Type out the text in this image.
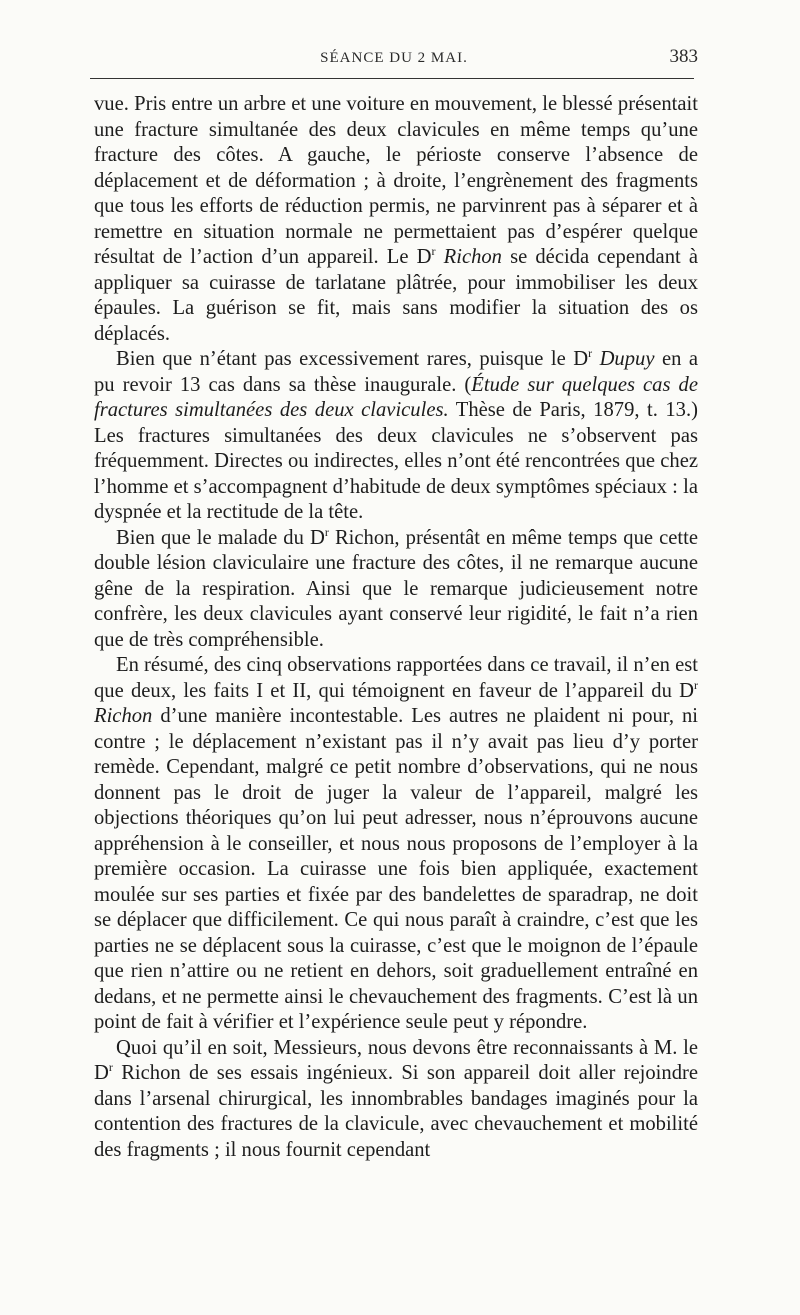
SÉANCE DU 2 MAI.	383

vue. Pris entre un arbre et une voiture en mouvement, le blessé présentait une fracture simultanée des deux clavicules en même temps qu’une fracture des côtes. A gauche, le périoste conserve l’absence de déplacement et de déformation ; à droite, l’engrènement des fragments que tous les efforts de réduction permis, ne parvinrent pas à séparer et à remettre en situation normale ne permettaient pas d’espérer quelque résultat de l’action d’un appareil. Le $D^r$ Richon se décida cependant à appliquer sa cuirasse de tarlatane plâtrée, pour immobiliser les deux épaules. La guérison se fit, mais sans modifier la situation des os déplacés.

Bien que n’étant pas excessivement rares, puisque le $D^r$ Dupuy en a pu revoir 13 cas dans sa thèse inaugurale. (Étude sur quelques cas de fractures simultanées des deux clavicules. Thèse de Paris, 1879, t. 13.) Les fractures simultanées des deux clavicules ne s’observent pas fréquemment. Directes ou indirectes, elles n’ont été rencontrées que chez l’homme et s’accompagnent d’habitude de deux symptômes spéciaux : la dyspnée et la rectitude de la tête.

Bien que le malade du $D^r$ Richon, présentât en même temps que cette double lésion claviculaire une fracture des côtes, il ne remarque aucune gêne de la respiration. Ainsi que le remarque judicieusement notre confrère, les deux clavicules ayant conservé leur rigidité, le fait n’a rien que de très compréhensible.

En résumé, des cinq observations rapportées dans ce travail, il n’en est que deux, les faits I et II, qui témoignent en faveur de l’appareil du $D^r$ Richon d’une manière incontestable. Les autres ne plaident ni pour, ni contre ; le déplacement n’existant pas il n’y avait pas lieu d’y porter remède. Cependant, malgré ce petit nombre d’observations, qui ne nous donnent pas le droit de juger la valeur de l’appareil, malgré les objections théoriques qu’on lui peut adresser, nous n’éprouvons aucune appréhension à le conseiller, et nous nous proposons de l’employer à la première occasion. La cuirasse une fois bien appliquée, exactement moulée sur ses parties et fixée par des bandelettes de sparadrap, ne doit se déplacer que difficilement. Ce qui nous paraît à craindre, c’est que les parties ne se déplacent sous la cuirasse, c’est que le moignon de l’épaule que rien n’attire ou ne retient en dehors, soit graduellement entraîné en dedans, et ne permette ainsi le chevauchement des fragments. C’est là un point de fait à vérifier et l’expérience seule peut y répondre.

Quoi qu’il en soit, Messieurs, nous devons être reconnaissants à M. le $D^r$ Richon de ses essais ingénieux. Si son appareil doit aller rejoindre dans l’arsenal chirurgical, les innombrables bandages imaginés pour la contention des fractures de la clavicule, avec chevauchement et mobilité des fragments ; il nous fournit cependant
